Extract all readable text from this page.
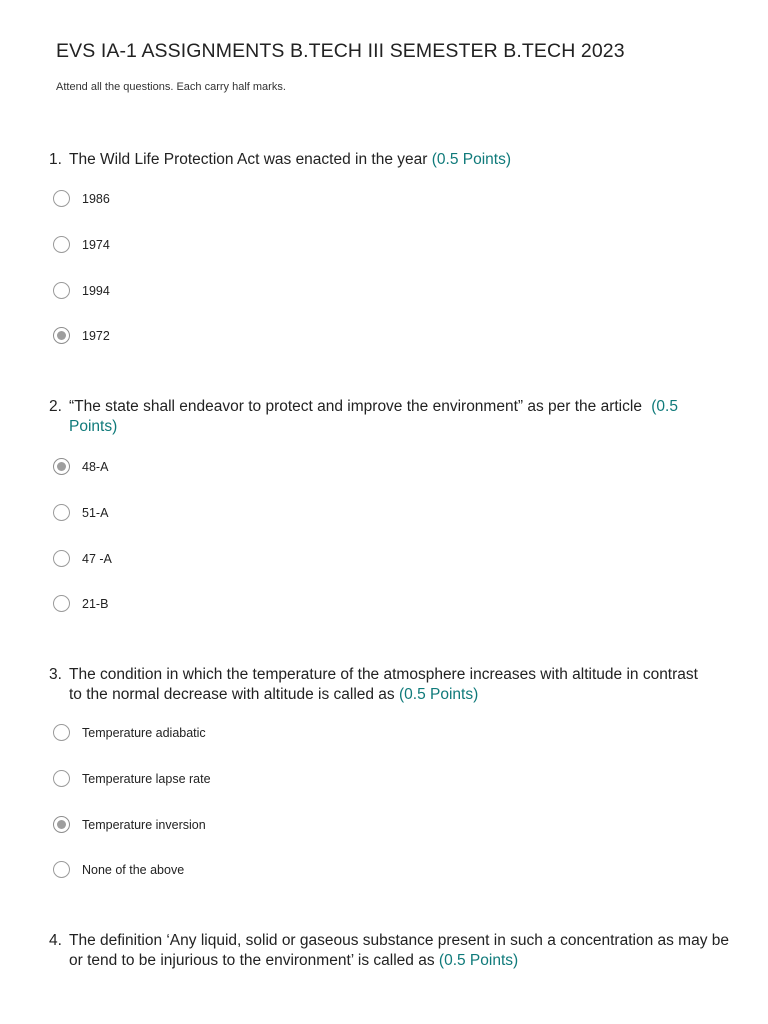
EVS IA-1 ASSIGNMENTS B.TECH III SEMESTER B.TECH 2023

Attend all the questions. Each carry half marks.

1. The Wild Life Protection Act was enacted in the year (0.5 Points)
1986
1974
1994
1972
2. “The state shall endeavor to protect and improve the environment” as per the article (0.5 Points)
48-A
51-A
47 -A
21-B
3. The condition in which the temperature of the atmosphere increases with altitude in contrast to the normal decrease with altitude is called as (0.5 Points)
Temperature adiabatic
Temperature lapse rate
Temperature inversion
None of the above
4. The definition ‘Any liquid, solid or gaseous substance present in such a concentration as may be or tend to be injurious to the environment’ is called as (0.5 Points)
